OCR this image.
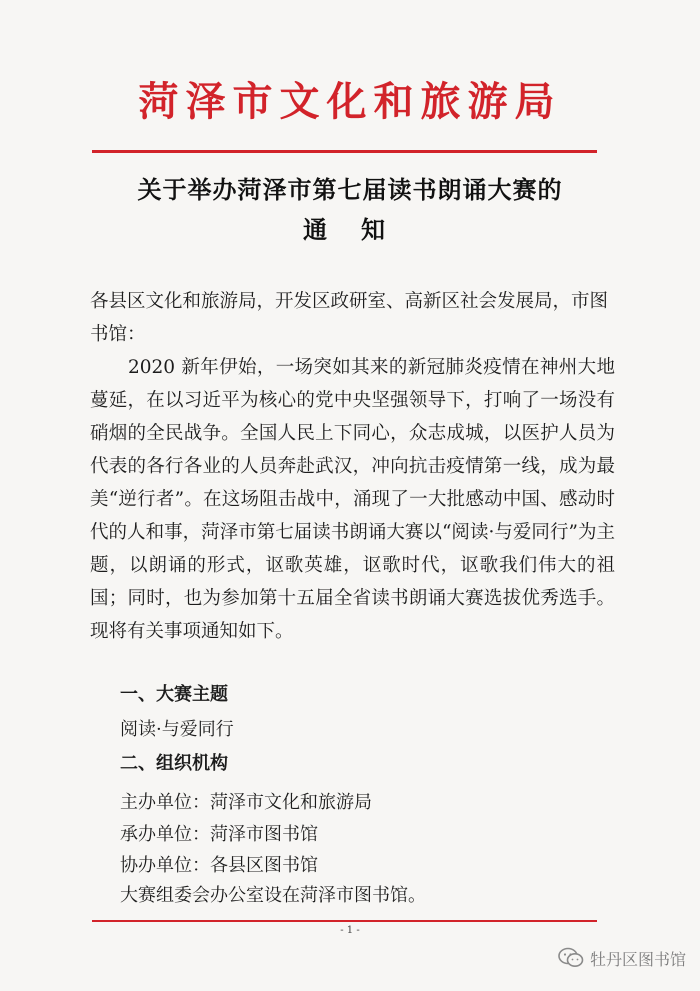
菏泽市文化和旅游局
关于举办菏泽市第七届读书朗诵大赛的
通知
各县区文化和旅游局，开发区政研室、高新区社会发展局，市图书馆：
2020 新年伊始，一场突如其来的新冠肺炎疫情在神州大地蔓延，在以习近平为核心的党中央坚强领导下，打响了一场没有硝烟的全民战争。全国人民上下同心，众志成城，以医护人员为代表的各行各业的人员奔赴武汉，冲向抗击疫情第一线，成为最美“逆行者”。在这场阻击战中，涌现了一大批感动中国、感动时代的人和事，菏泽市第七届读书朗诵大赛以“阅读·与爱同行”为主题，以朗诵的形式，讴歌英雄，讴歌时代，讴歌我们伟大的祖国；同时，也为参加第十五届全省读书朗诵大赛选拔优秀选手。现将有关事项通知如下。
一、大赛主题
阅读·与爱同行
二、组织机构
主办单位：菏泽市文化和旅游局
承办单位：菏泽市图书馆
协办单位：各县区图书馆
大赛组委会办公室设在菏泽市图书馆。
- 1 -
牡丹区图书馆
